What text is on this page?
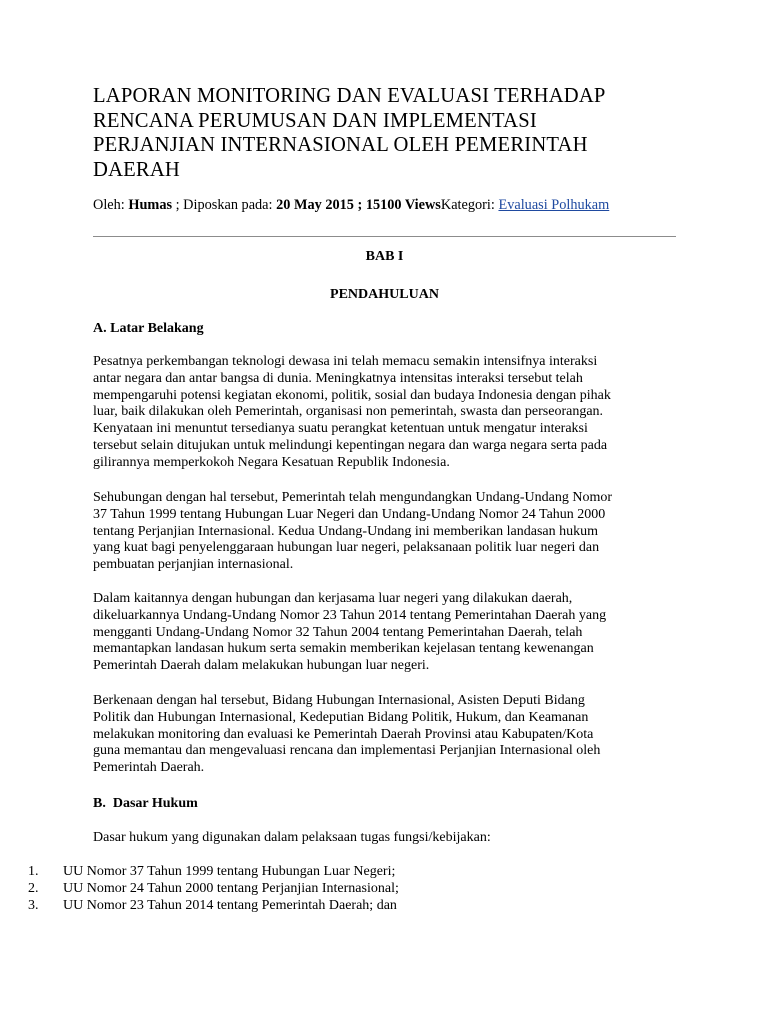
LAPORAN MONITORING DAN EVALUASI TERHADAP
RENCANA PERUMUSAN DAN IMPLEMENTASI
PERJANJIAN INTERNASIONAL OLEH PEMERINTAH
DAERAH
Oleh: Humas ; Diposkan pada: 20 May 2015 ; 15100 ViewsKategori: Evaluasi Polhukam
BAB I
PENDAHULUAN
A. Latar Belakang
Pesatnya perkembangan teknologi dewasa ini telah memacu semakin intensifnya interaksi
antar negara dan antar bangsa di dunia. Meningkatnya intensitas interaksi tersebut telah
mempengaruhi potensi kegiatan ekonomi, politik, sosial dan budaya Indonesia dengan pihak
luar, baik dilakukan oleh Pemerintah, organisasi non pemerintah, swasta dan perseorangan.
Kenyataan ini menuntut tersedianya suatu perangkat ketentuan untuk mengatur interaksi
tersebut selain ditujukan untuk melindungi kepentingan negara dan warga negara serta pada
gilirannya memperkokoh Negara Kesatuan Republik Indonesia.
Sehubungan dengan hal tersebut, Pemerintah telah mengundangkan Undang-Undang Nomor
37 Tahun 1999 tentang Hubungan Luar Negeri dan Undang-Undang Nomor 24 Tahun 2000
tentang Perjanjian Internasional. Kedua Undang-Undang ini memberikan landasan hukum
yang kuat bagi penyelenggaraan hubungan luar negeri, pelaksanaan politik luar negeri dan
pembuatan perjanjian internasional.
Dalam kaitannya dengan hubungan dan kerjasama luar negeri yang dilakukan daerah,
dikeluarkannya Undang-Undang Nomor 23 Tahun 2014 tentang Pemerintahan Daerah yang
mengganti Undang-Undang Nomor 32 Tahun 2004 tentang Pemerintahan Daerah, telah
memantapkan landasan hukum serta semakin memberikan kejelasan tentang kewenangan
Pemerintah Daerah dalam melakukan hubungan luar negeri.
Berkenaan dengan hal tersebut, Bidang Hubungan Internasional, Asisten Deputi Bidang
Politik dan Hubungan Internasional, Kedeputian Bidang Politik, Hukum, dan Keamanan
melakukan monitoring dan evaluasi ke Pemerintah Daerah Provinsi atau Kabupaten/Kota
guna memantau dan mengevaluasi rencana dan implementasi Perjanjian Internasional oleh
Pemerintah Daerah.
B.  Dasar Hukum
Dasar hukum yang digunakan dalam pelaksaan tugas fungsi/kebijakan:
1. UU Nomor 37 Tahun 1999 tentang Hubungan Luar Negeri;
2. UU Nomor 24 Tahun 2000 tentang Perjanjian Internasional;
3. UU Nomor 23 Tahun 2014 tentang Pemerintah Daerah; dan
